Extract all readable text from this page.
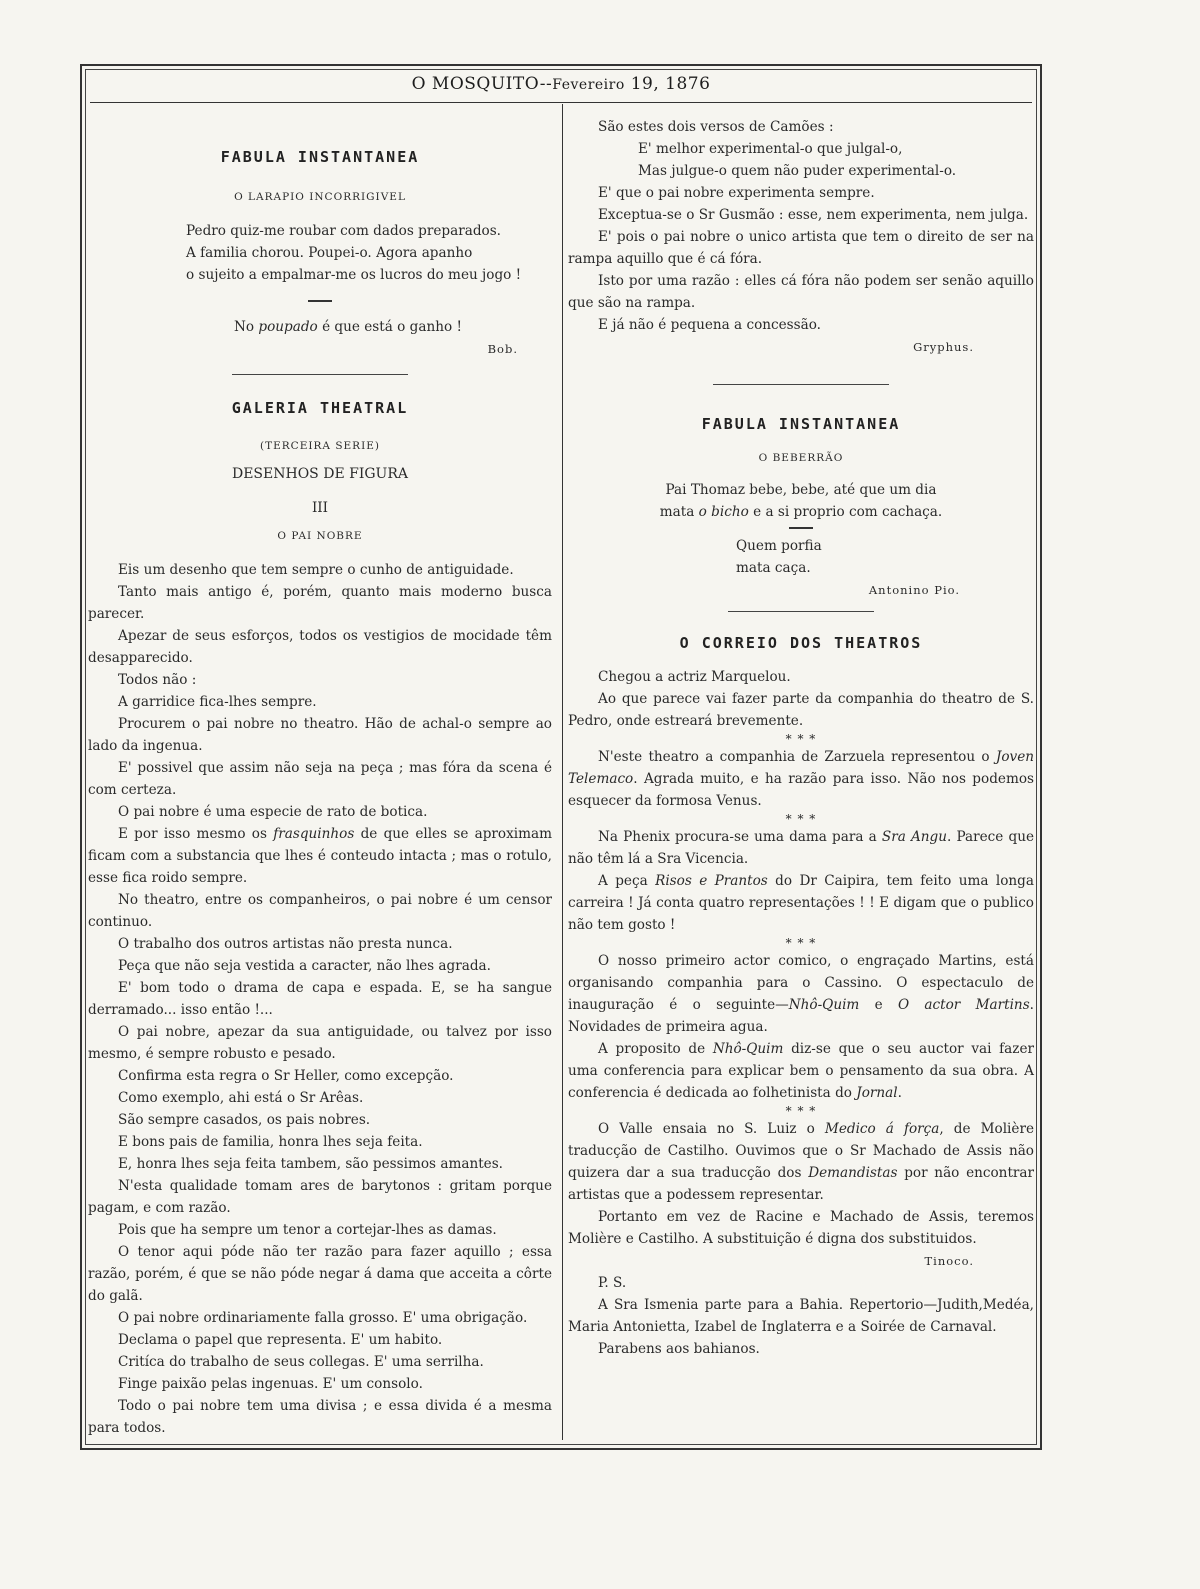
O MOSQUITO--Fevereiro 19, 1876
FABULA INSTANTANEA
O LARAPIO INCORRIGIVEL
Pedro quiz-me roubar com dados preparados.
A familia chorou. Poupei-o. Agora apanho
o sujeito a empalmar-me os lucros do meu jogo !
No poupado é que está o ganho !
Bob.
GALERIA THEATRAL
(TERCEIRA SERIE)
DESENHOS DE FIGURA
III
O PAI NOBRE

Eis um desenho que tem sempre o cunho de antiguidade.

Tanto mais antigo é, porém, quanto mais moderno busca parecer.

Apezar de seus esforços, todos os vestigios de mocidade têm desapparecido.

Todos não :

A garridice fica-lhes sempre.

Procurem o pai nobre no theatro. Hão de achal-o sempre ao lado da ingenua.

E' possivel que assim não seja na peça ; mas fóra da scena é com certeza.

O pai nobre é uma especie de rato de botica.

E por isso mesmo os frasquinhos de que elles se aproximam ficam com a substancia que lhes é conteudo intacta ; mas o rotulo, esse fica roido sempre.

No theatro, entre os companheiros, o pai nobre é um censor continuo.

O trabalho dos outros artistas não presta nunca.

Peça que não seja vestida a caracter, não lhes agrada.

E' bom todo o drama de capa e espada. E, se ha sangue derramado... isso então !...

O pai nobre, apezar da sua antiguidade, ou talvez por isso mesmo, é sempre robusto e pesado.

Confirma esta regra o Sr Heller, como excepção.

Como exemplo, ahi está o Sr Arêas.

São sempre casados, os pais nobres.

E bons pais de familia, honra lhes seja feita.

E, honra lhes seja feita tambem, são pessimos amantes.

N'esta qualidade tomam ares de barytonos : gritam porque pagam, e com razão.

Pois que ha sempre um tenor a cortejar-lhes as damas.

O tenor aqui póde não ter razão para fazer aquillo ; essa razão, porém, é que se não póde negar á dama que acceita a côrte do galã.

O pai nobre ordinariamente falla grosso. E' uma obrigação.

Declama o papel que representa. E' um habito.

Critíca do trabalho de seus collegas. E' uma serrilha.

Finge paixão pelas ingenuas. E' um consolo.

Todo o pai nobre tem uma divisa ; e essa divida é a mesma para todos.

São estes dois versos de Camões :

E' melhor experimental-o que julgal-o,
Mas julgue-o quem não puder experimental-o.

E' que o pai nobre experimenta sempre.

Exceptua-se o Sr Gusmão : esse, nem experimenta, nem julga.

E' pois o pai nobre o unico artista que tem o direito de ser na rampa aquillo que é cá fóra.

Isto por uma razão : elles cá fóra não podem ser senão aquillo que são na rampa.

E já não é pequena a concessão.

Gryphus.
FABULA INSTANTANEA
O BEBERRÃO
Pai Thomaz bebe, bebe, até que um dia
mata o bicho e a si proprio com cachaça.
Quem porfia
mata caça.
Antonino Pio.
O CORREIO DOS THEATROS

Chegou a actriz Marquelou.

Ao que parece vai fazer parte da companhia do theatro de S. Pedro, onde estreará brevemente.

* * *

N'este theatro a companhia de Zarzuela representou o Joven Telemaco. Agrada muito, e ha razão para isso. Não nos podemos esquecer da formosa Venus.

* * *

Na Phenix procura-se uma dama para a Sra Angu. Parece que não têm lá a Sra Vicencia.

A peça Risos e Prantos do Dr Caipira, tem feito uma longa carreira ! Já conta quatro representações ! ! E digam que o publico não tem gosto !

* * *

O nosso primeiro actor comico, o engraçado Martins, está organisando companhia para o Cassino. O espectaculo de inauguração é o seguinte—Nhô-Quim e O actor Martins. Novidades de primeira agua.

A proposito de Nhô-Quim diz-se que o seu auctor vai fazer uma conferencia para explicar bem o pensamento da sua obra. A conferencia é dedicada ao folhetinista do Jornal.

* * *

O Valle ensaia no S. Luiz o Medico á força, de Molière traducção de Castilho. Ouvimos que o Sr Machado de Assis não quizera dar a sua traducção dos Demandistas por não encontrar artistas que a podessem representar.

Portanto em vez de Racine e Machado de Assis, teremos Molière e Castilho. A substituição é digna dos substituidos.

Tinoco.

P. S.

A Sra Ismenia parte para a Bahia. Repertorio—Judith,Medéa, Maria Antonietta, Izabel de Inglaterra e a Soirée de Carnaval.

Parabens aos bahianos.
